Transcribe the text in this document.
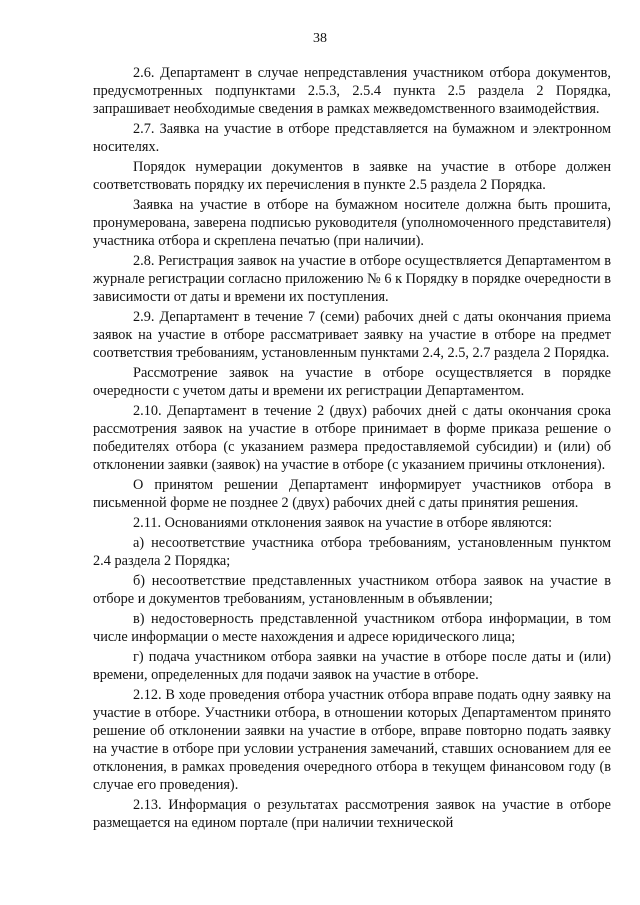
38

2.6. Департамент в случае непредставления участником отбора документов, предусмотренных подпунктами 2.5.3, 2.5.4 пункта 2.5 раздела 2 Порядка, запрашивает необходимые сведения в рамках межведомственного взаимодействия.

2.7. Заявка на участие в отборе представляется на бумажном и электронном носителях.

Порядок нумерации документов в заявке на участие в отборе должен соответствовать порядку их перечисления в пункте 2.5 раздела 2 Порядка.

Заявка на участие в отборе на бумажном носителе должна быть прошита, пронумерована, заверена подписью руководителя (уполномоченного представителя) участника отбора и скреплена печатью (при наличии).

2.8. Регистрация заявок на участие в отборе осуществляется Департаментом в журнале регистрации согласно приложению № 6 к Порядку в порядке очередности в зависимости от даты и времени их поступления.

2.9. Департамент в течение 7 (семи) рабочих дней с даты окончания приема заявок на участие в отборе рассматривает заявку на участие в отборе на предмет соответствия требованиям, установленным пунктами 2.4, 2.5, 2.7 раздела 2 Порядка.

Рассмотрение заявок на участие в отборе осуществляется в порядке очередности с учетом даты и времени их регистрации Департаментом.

2.10. Департамент в течение 2 (двух) рабочих дней с даты окончания срока рассмотрения заявок на участие в отборе принимает в форме приказа решение о победителях отбора (с указанием размера предоставляемой субсидии) и (или) об отклонении заявки (заявок) на участие в отборе (с указанием причины отклонения).

О принятом решении Департамент информирует участников отбора в письменной форме не позднее 2 (двух) рабочих дней с даты принятия решения.

2.11. Основаниями отклонения заявок на участие в отборе являются:

а) несоответствие участника отбора требованиям, установленным пунктом 2.4 раздела 2 Порядка;

б) несоответствие представленных участником отбора заявок на участие в отборе и документов требованиям, установленным в объявлении;

в) недостоверность представленной участником отбора информации, в том числе информации о месте нахождения и адресе юридического лица;

г) подача участником отбора заявки на участие в отборе после даты и (или) времени, определенных для подачи заявок на участие в отборе.

2.12. В ходе проведения отбора участник отбора вправе подать одну заявку на участие в отборе. Участники отбора, в отношении которых Департаментом принято решение об отклонении заявки на участие в отборе, вправе повторно подать заявку на участие в отборе при условии устранения замечаний, ставших основанием для ее отклонения, в рамках проведения очередного отбора в текущем финансовом году (в случае его проведения).

2.13. Информация о результатах рассмотрения заявок на участие в отборе размещается на едином портале (при наличии технической
